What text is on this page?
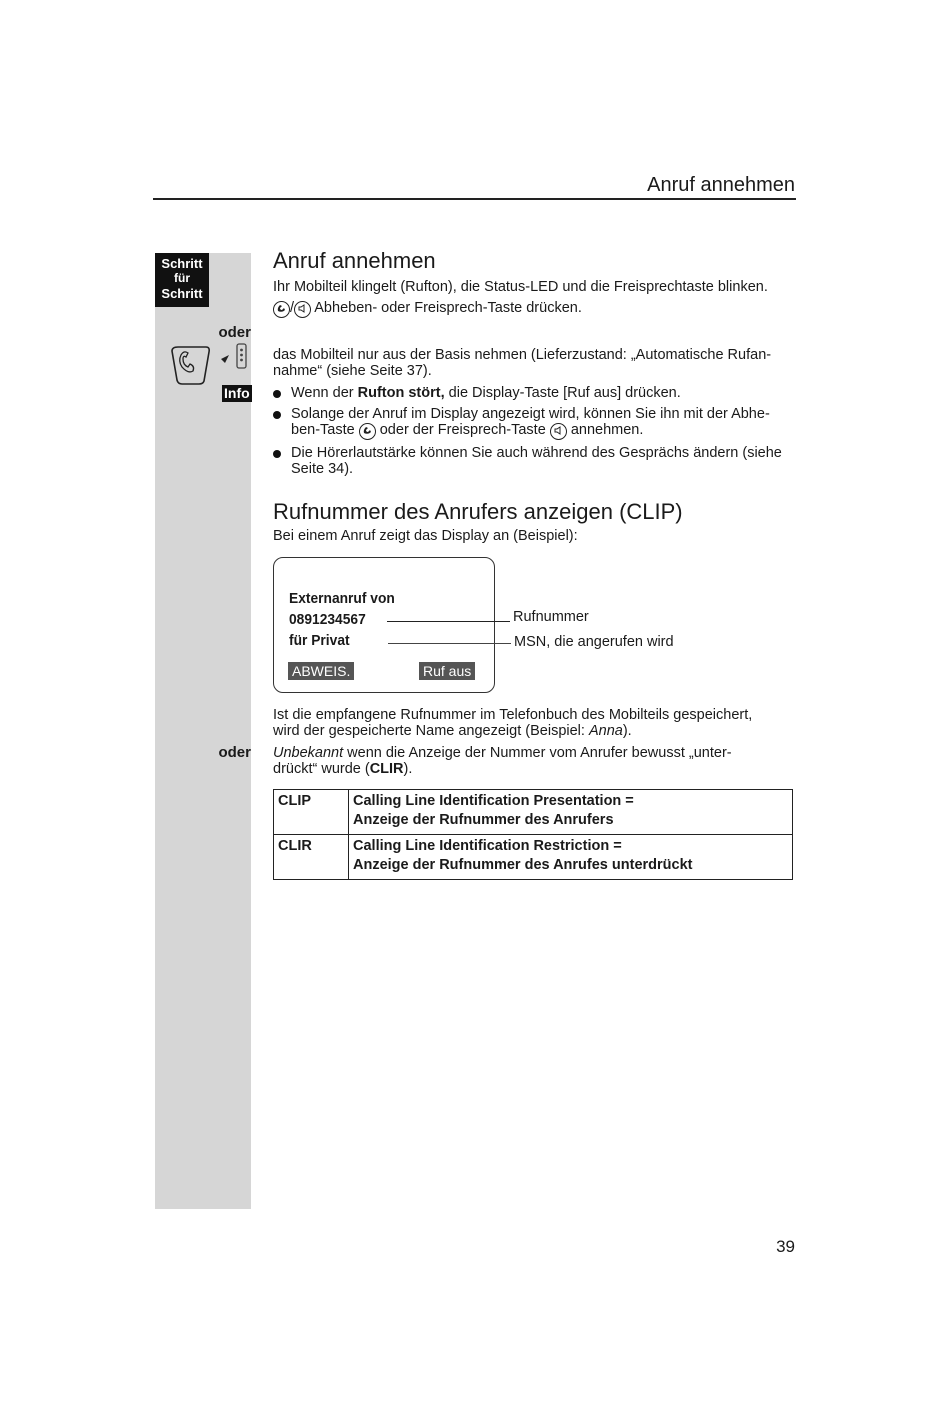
Anruf annehmen
Schritt
für
Schritt
oder
Info
oder
Anruf annehmen

Ihr Mobilteil klingelt (Rufton), die Status-LED und die Freisprechtaste blinken.

/ Abheben- oder Freisprech-Taste drücken.

das Mobilteil nur aus der Basis nehmen (Lieferzustand: „Automatische Rufan-
nahme“ (siehe Seite 37).

Wenn der Rufton stört, die Display-Taste [Ruf aus] drücken.
Solange der Anruf im Display angezeigt wird, können Sie ihn mit der Abhe-
ben-Taste  oder der Freisprech-Taste  annehmen.
Die Hörerlautstärke können Sie auch während des Gesprächs ändern (siehe
Seite 34).
Rufnummer des Anrufers anzeigen (CLIP)

Bei einem Anruf zeigt das Display an (Beispiel):

Externanruf von
0891234567
für Privat
ABWEIS.	Ruf aus
Rufnummer
MSN, die angerufen wird

Ist die empfangene Rufnummer im Telefonbuch des Mobilteils gespeichert,
wird der gespeicherte Name angezeigt (Beispiel: Anna).

Unbekannt wenn die Anzeige der Nummer vom Anrufer bewusst „unter-
drückt“ wurde (CLIR).

CLIP	Calling Line Identification Presentation =
Anzeige der Rufnummer des Anrufers
CLIR	Calling Line Identification Restriction =
Anzeige der Rufnummer des Anrufes unterdrückt
39
